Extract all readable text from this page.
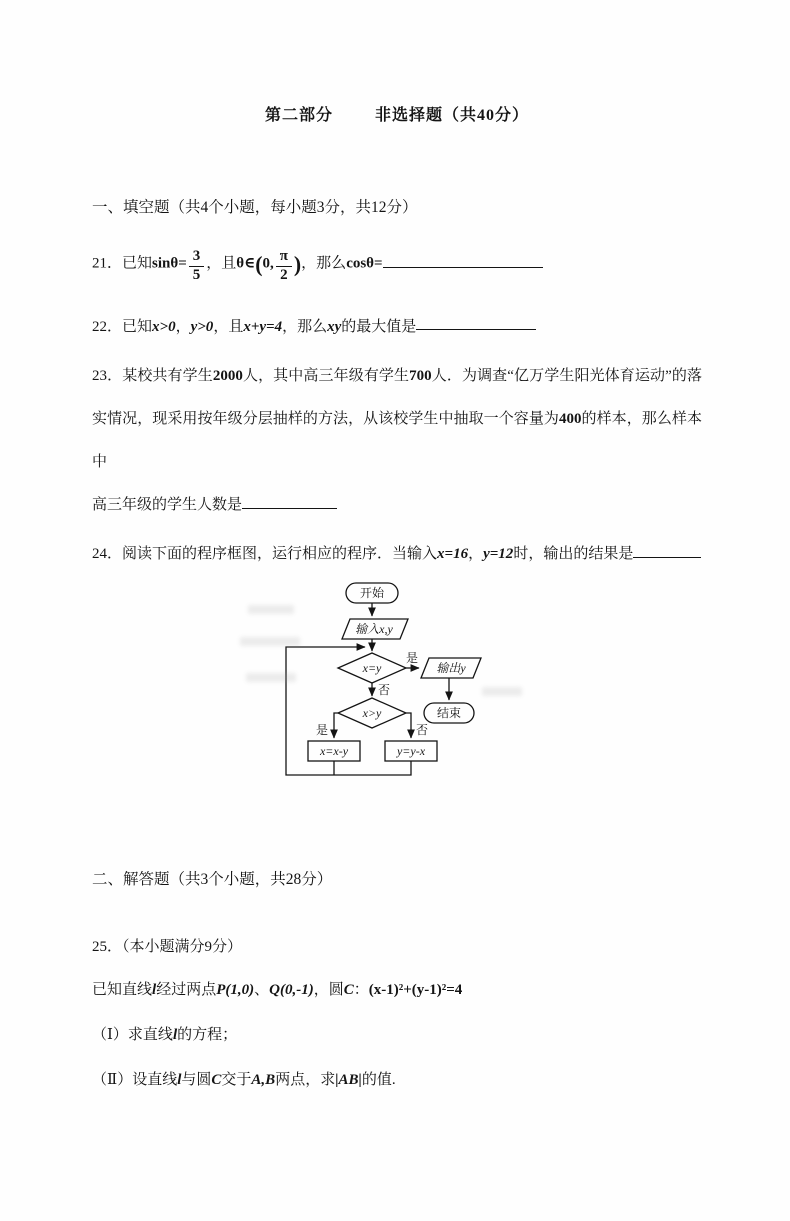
第二部分	非选择题（共40分）
一、填空题（共4个小题，每小题3分，共12分）
21．已知$\sin\theta= \frac{3}{5}$ ，且θ∈(0, $\frac{\pi}{2}$ )，那么cosθ=
22．已知x>0，y>0，且x+y=4，那么xy的最大值是
23．某校共有学生2000人，其中高三年级有学生700人．为调查“亿万学生阳光体育运动”的落实情况，现采用按年级分层抽样的方法，从该校学生中抽取一个容量为400的样本，那么样本中
高三年级的学生人数是
24．阅读下面的程序框图，运行相应的程序．当输入x=16，y=12时，输出的结果是
开始
输入x,y
x=y
是
否
输出y
结束
x>y
是	否
x=x-y	y=y-x
二、解答题（共3个小题，共28分）
25．（本小题满分9分）
已知直线l经过两点P(1,0)、Q(0,-1)，圆C：(x-1)²+(y-1)²=4
（Ⅰ）求直线l的方程；
（Ⅱ）设直线l与圆C交于A,B两点，求|AB|的值.
